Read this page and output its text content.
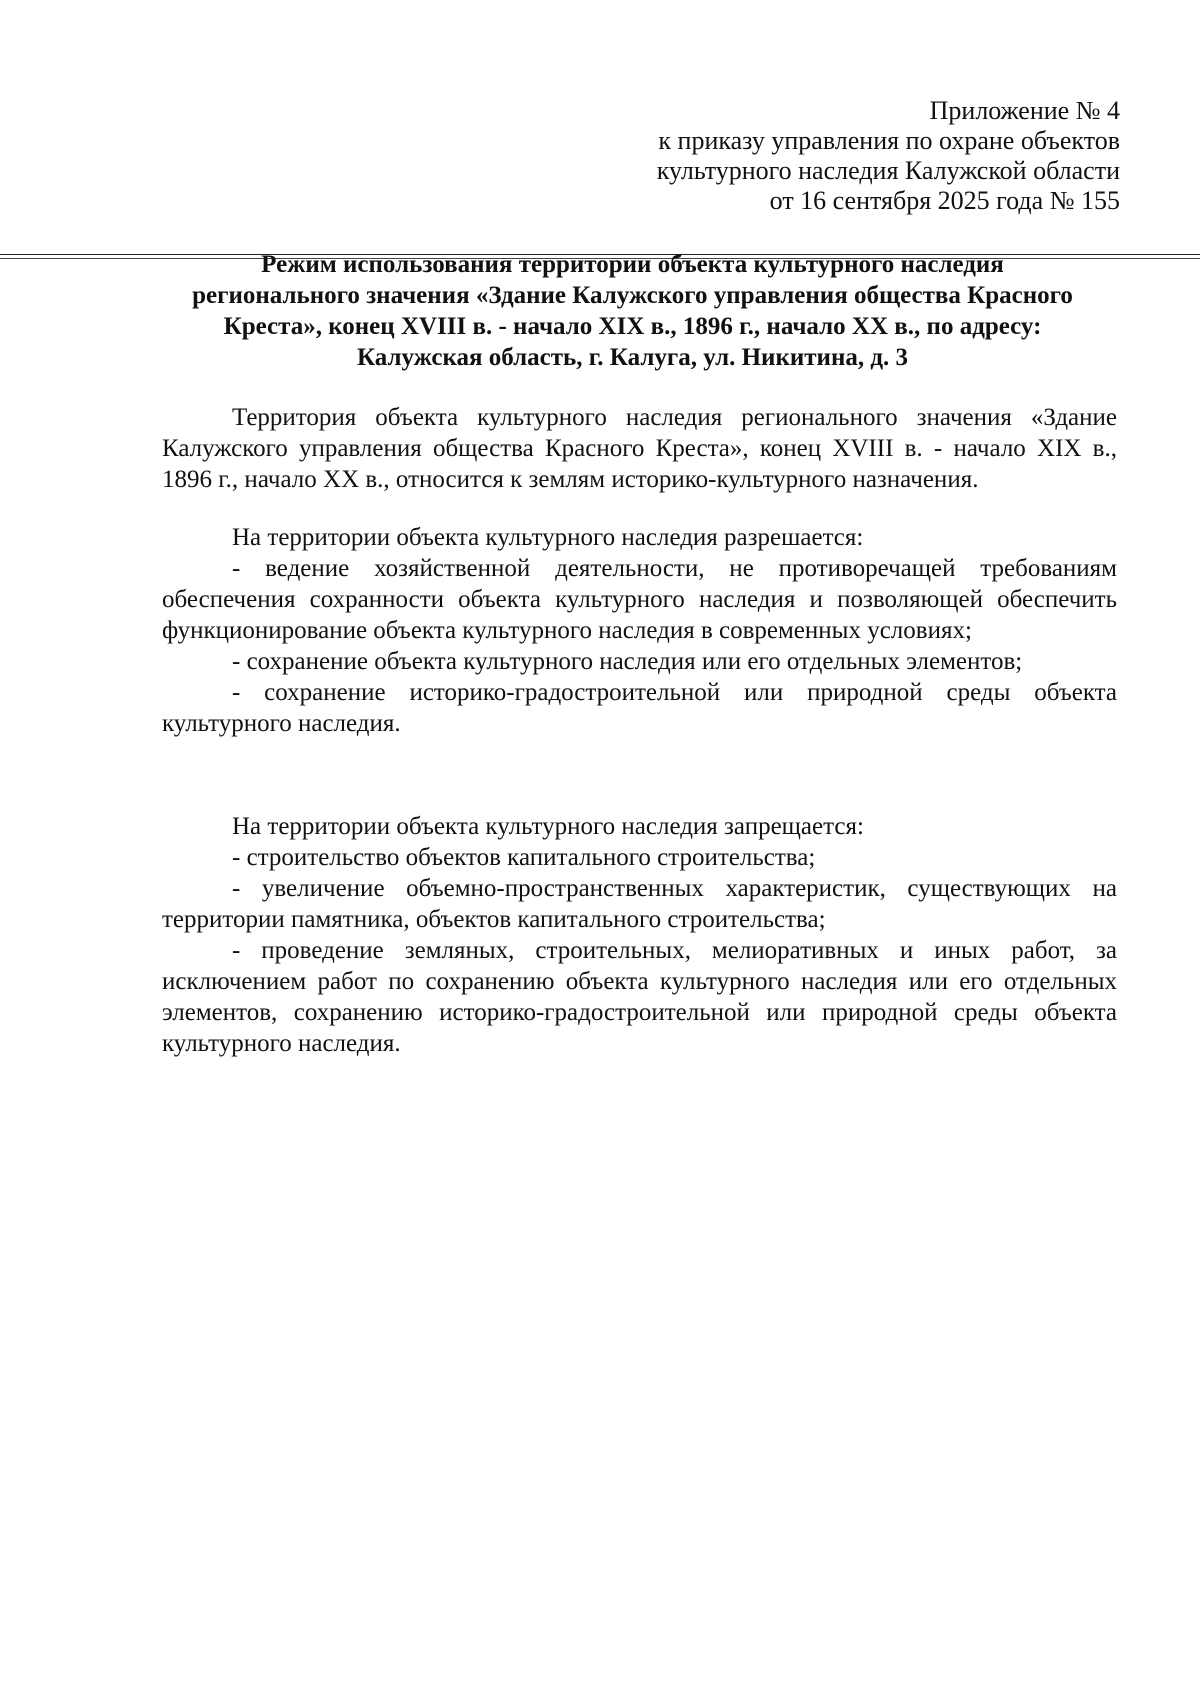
Приложение № 4
к приказу управления по охране объектов
культурного наследия Калужской области
от 16 сентября 2025 года № 155
Режим использования территории объекта культурного наследия
регионального значения «Здание Калужского управления общества Красного
Креста», конец XVIII в. - начало XIX в., 1896 г., начало XX в., по адресу:
Калужская область, г. Калуга, ул. Никитина, д. 3

Территория объекта культурного наследия регионального значения «Здание Калужского управления общества Красного Креста», конец XVIII в. - начало XIX в., 1896 г., начало XX в., относится к землям историко-культурного назначения.

На территории объекта культурного наследия разрешается:

- ведение хозяйственной деятельности, не противоречащей требованиям обеспечения сохранности объекта культурного наследия и позволяющей обеспечить функционирование объекта культурного наследия в современных условиях;

- сохранение объекта культурного наследия или его отдельных элементов;

- сохранение историко-градостроительной или природной среды объекта культурного наследия.

На территории объекта культурного наследия запрещается:

- строительство объектов капитального строительства;

- увеличение объемно-пространственных характеристик, существующих на территории памятника, объектов капитального строительства;

- проведение земляных, строительных, мелиоративных и иных работ, за исключением работ по сохранению объекта культурного наследия или его отдельных элементов, сохранению историко-градостроительной или природной среды объекта культурного наследия.
